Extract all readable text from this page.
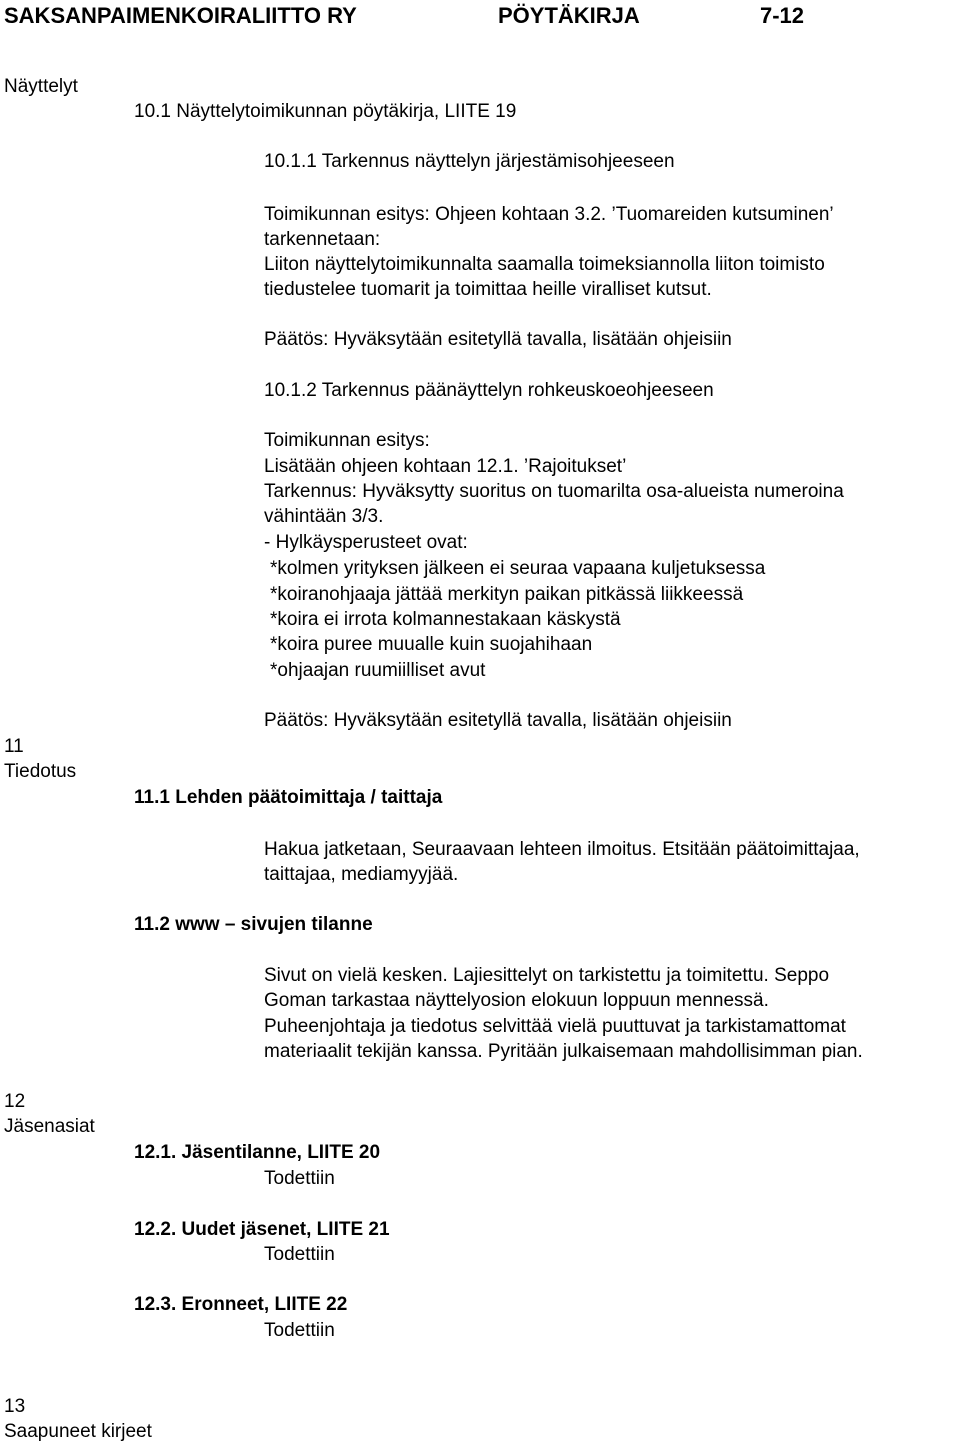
SAKSANPAIMENKOIRALIITTO RY	PÖYTÄKIRJA	7-12
Näyttelyt
10.1 Näyttelytoimikunnan pöytäkirja, LIITE 19
10.1.1 Tarkennus näyttelyn järjestämisohjeeseen
Toimikunnan esitys: Ohjeen kohtaan 3.2. ’Tuomareiden kutsuminen’
tarkennetaan:
Liiton näyttelytoimikunnalta saamalla toimeksiannolla liiton toimisto
tiedustelee tuomarit ja toimittaa heille viralliset kutsut.
Päätös: Hyväksytään esitetyllä tavalla, lisätään ohjeisiin
10.1.2 Tarkennus päänäyttelyn rohkeuskoeohjeeseen
Toimikunnan esitys:
Lisätään ohjeen kohtaan 12.1. ’Rajoitukset’
Tarkennus: Hyväksytty suoritus on tuomarilta osa-alueista numeroina
vähintään 3/3.
- Hylkäysperusteet ovat:
*kolmen yrityksen jälkeen ei seuraa vapaana kuljetuksessa
*koiranohjaaja jättää merkityn paikan pitkässä liikkeessä
*koira ei irrota kolmannestakaan käskystä
*koira puree muualle kuin suojahihaan
*ohjaajan ruumiilliset avut
Päätös: Hyväksytään esitetyllä tavalla, lisätään ohjeisiin
11
Tiedotus
11.1 Lehden päätoimittaja / taittaja
Hakua jatketaan, Seuraavaan lehteen ilmoitus. Etsitään päätoimittajaa,
taittajaa, mediamyyjää.
11.2 www – sivujen tilanne
Sivut on vielä kesken. Lajiesittelyt on tarkistettu ja toimitettu. Seppo
Goman tarkastaa näyttelyosion elokuun loppuun mennessä.
Puheenjohtaja ja tiedotus selvittää vielä puuttuvat ja tarkistamattomat
materiaalit tekijän kanssa. Pyritään julkaisemaan mahdollisimman pian.
12
Jäsenasiat
12.1. Jäsentilanne, LIITE 20
Todettiin
12.2. Uudet jäsenet, LIITE 21
Todettiin
12.3. Eronneet, LIITE 22
Todettiin
13
Saapuneet kirjeet
